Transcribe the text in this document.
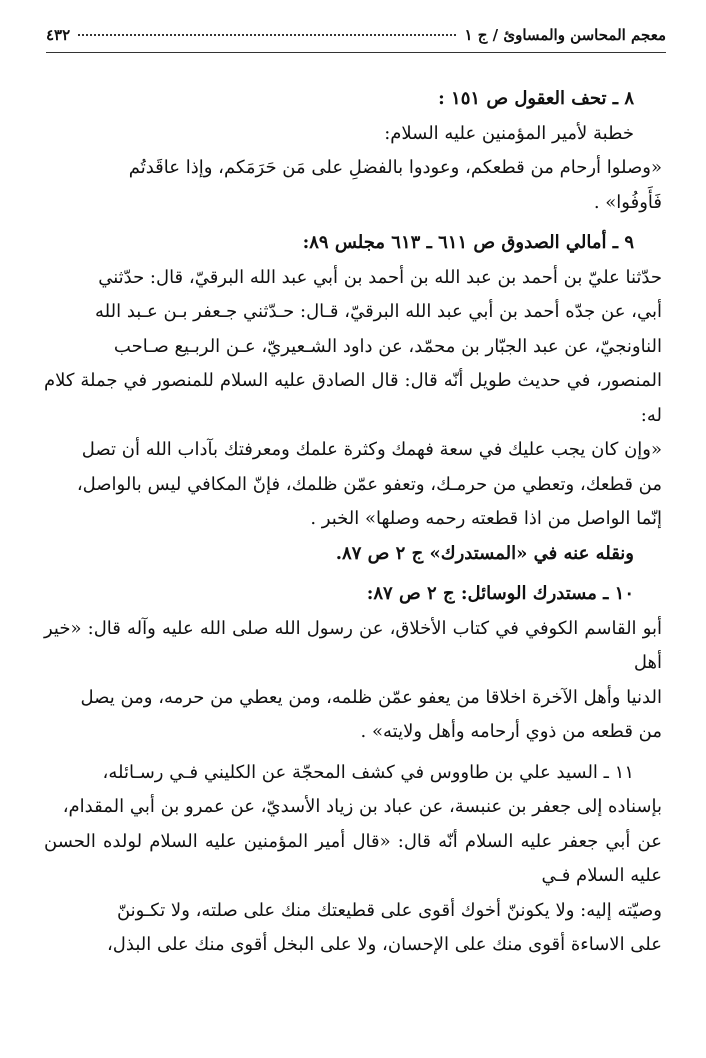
معجم المحاسن والمساوئ / ج ١
٤٣٢

٨ ـ تحف العقول ص ١٥١ :

خطبة لأمير المؤمنين عليه السلام:

«وصلوا أرحام من قطعكم، وعودوا بالفضلِ على مَن حَرَمَكم، وإذا عاقَدتُم

فَأَوفُوا» .

٩ ـ أمالي الصدوق ص ٦١١ ـ ٦١٣ مجلس ٨٩:

حدّثنا عليّ بن أحمد بن عبد الله بن أحمد بن أبي عبد الله البرقيّ، قال: حدّثني

أبي، عن جدّه أحمد بن أبي عبد الله البرقيّ، قـال: حـدّثني جـعفر بـن عـبد الله

الناونجيّ، عن عبد الجبّار بن محمّد، عن داود الشـعيريّ، عـن الربـيع صـاحب

المنصور، في حديث طويل أنّه قال: قال الصادق عليه السلام للمنصور في جملة كلام له:

«وإن كان يجب عليك في سعة فهمك وكثرة علمك ومعرفتك بآداب الله أن تصل

من قطعك، وتعطي من حرمـك، وتعفو عمّن ظلمك، فإنّ المكافي ليس بالواصل،

إنّما الواصل من اذا قطعته رحمه وصلها» الخبر .

ونقله عنه في «المستدرك» ج ٢ ص ٨٧.

١٠ ـ مستدرك الوسائل: ج ٢ ص ٨٧:

أبو القاسم الكوفي في كتاب الأخلاق، عن رسول الله صلى الله عليه وآله قال: «خير أهل

الدنيا وأهل الآخرة اخلاقا من يعفو عمّن ظلمه، ومن يعطي من حرمه، ومن يصل

من قطعه من ذوي أرحامه وأهل ولايته» .

١١ ـ السيد علي بن طاووس في كشف المحجّة عن الكليني فـي رسـائله،

بإسناده إلى جعفر بن عنبسة، عن عباد بن زياد الأسديّ، عن عمرو بن أبي المقدام،

عن أبي جعفر عليه السلام أنّه قال: «قال أمير المؤمنين عليه السلام لولده الحسن عليه السلام فـي

وصيّته إليه: ولا يكوننّ أخوك أقوى على قطيعتك منك على صلته، ولا تكـوننّ

على الاساءة أقوى منك على الإحسان، ولا على البخل أقوى منك على البذل،
